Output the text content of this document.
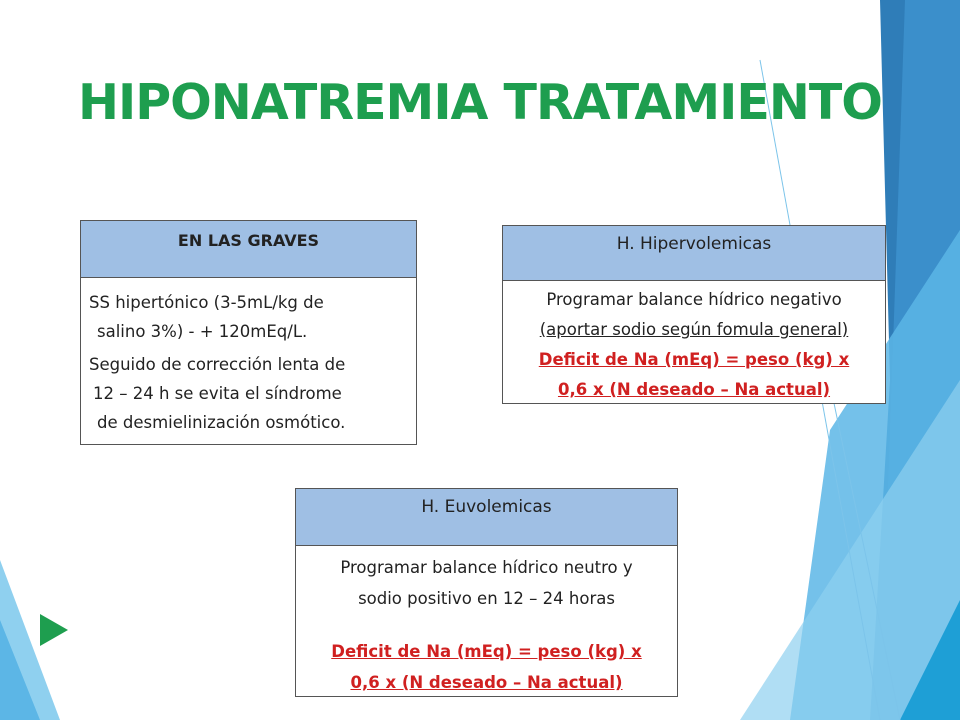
HIPONATREMIA TRATAMIENTO
EN LAS GRAVES
SS hipertónico (3-5mL/kg de
salino 3%) - + 120mEq/L.
Seguido de corrección lenta de
12 – 24 h se evita el síndrome
de desmielinización osmótico.
H. Hipervolemicas
Programar balance hídrico negativo
(aportar sodio según fomula general)
Deficit de Na (mEq) = peso (kg) x
0,6 x (N deseado – Na actual)
H. Euvolemicas
Programar balance hídrico neutro y
sodio positivo en 12 – 24 horas
Deficit de Na (mEq) = peso (kg) x
0,6 x (N deseado – Na actual)
